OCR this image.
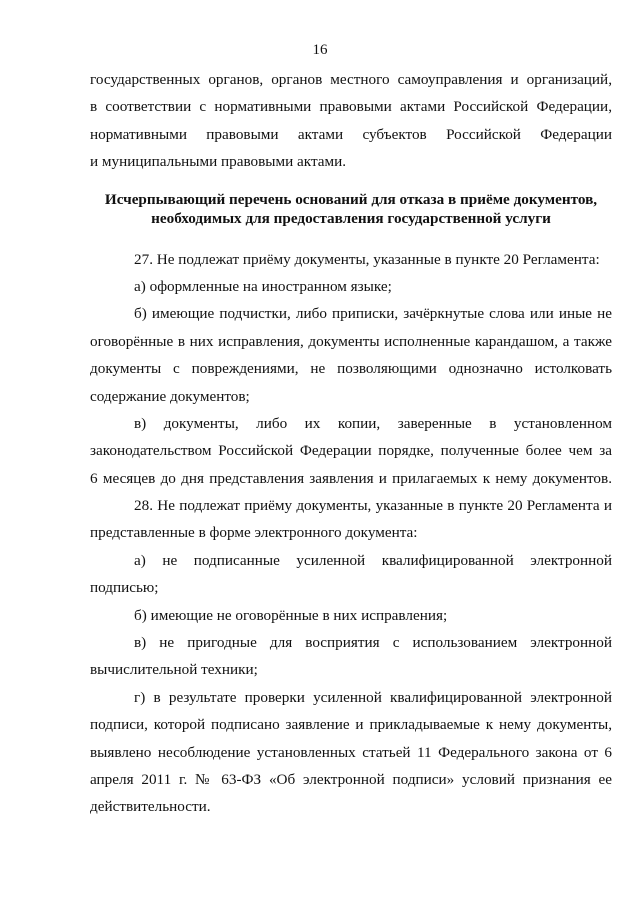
16
государственных органов, органов местного самоуправления и организаций,
в соответствии с нормативными правовыми актами Российской Федерации,
нормативными правовыми актами субъектов Российской Федерации
и муниципальными правовыми актами.
Исчерпывающий перечень оснований для отказа в приёме документов,
необходимых для предоставления государственной услуги
27. Не подлежат приёму документы, указанные в пункте 20 Регламента:
а) оформленные на иностранном языке;
б) имеющие подчистки, либо приписки, зачёркнутые слова или иные не
оговорённые в них исправления, документы исполненные карандашом, а также
документы с повреждениями, не позволяющими однозначно истолковать
содержание документов;
в) документы, либо их копии, заверенные в установленном
законодательством Российской Федерации порядке, полученные более чем за
6 месяцев до дня представления заявления и прилагаемых к нему документов.
28. Не подлежат приёму документы, указанные в пункте 20 Регламента и
представленные в форме электронного документа:
а) не подписанные усиленной квалифицированной электронной
подписью;
б) имеющие не оговорённые в них исправления;
в) не пригодные для восприятия с использованием электронной
вычислительной техники;
г) в результате проверки усиленной квалифицированной электронной
подписи, которой подписано заявление и прикладываемые к нему документы,
выявлено несоблюдение установленных статьей 11 Федерального закона от 6
апреля 2011 г. № 63-ФЗ «Об электронной подписи» условий признания ее
действительности.
